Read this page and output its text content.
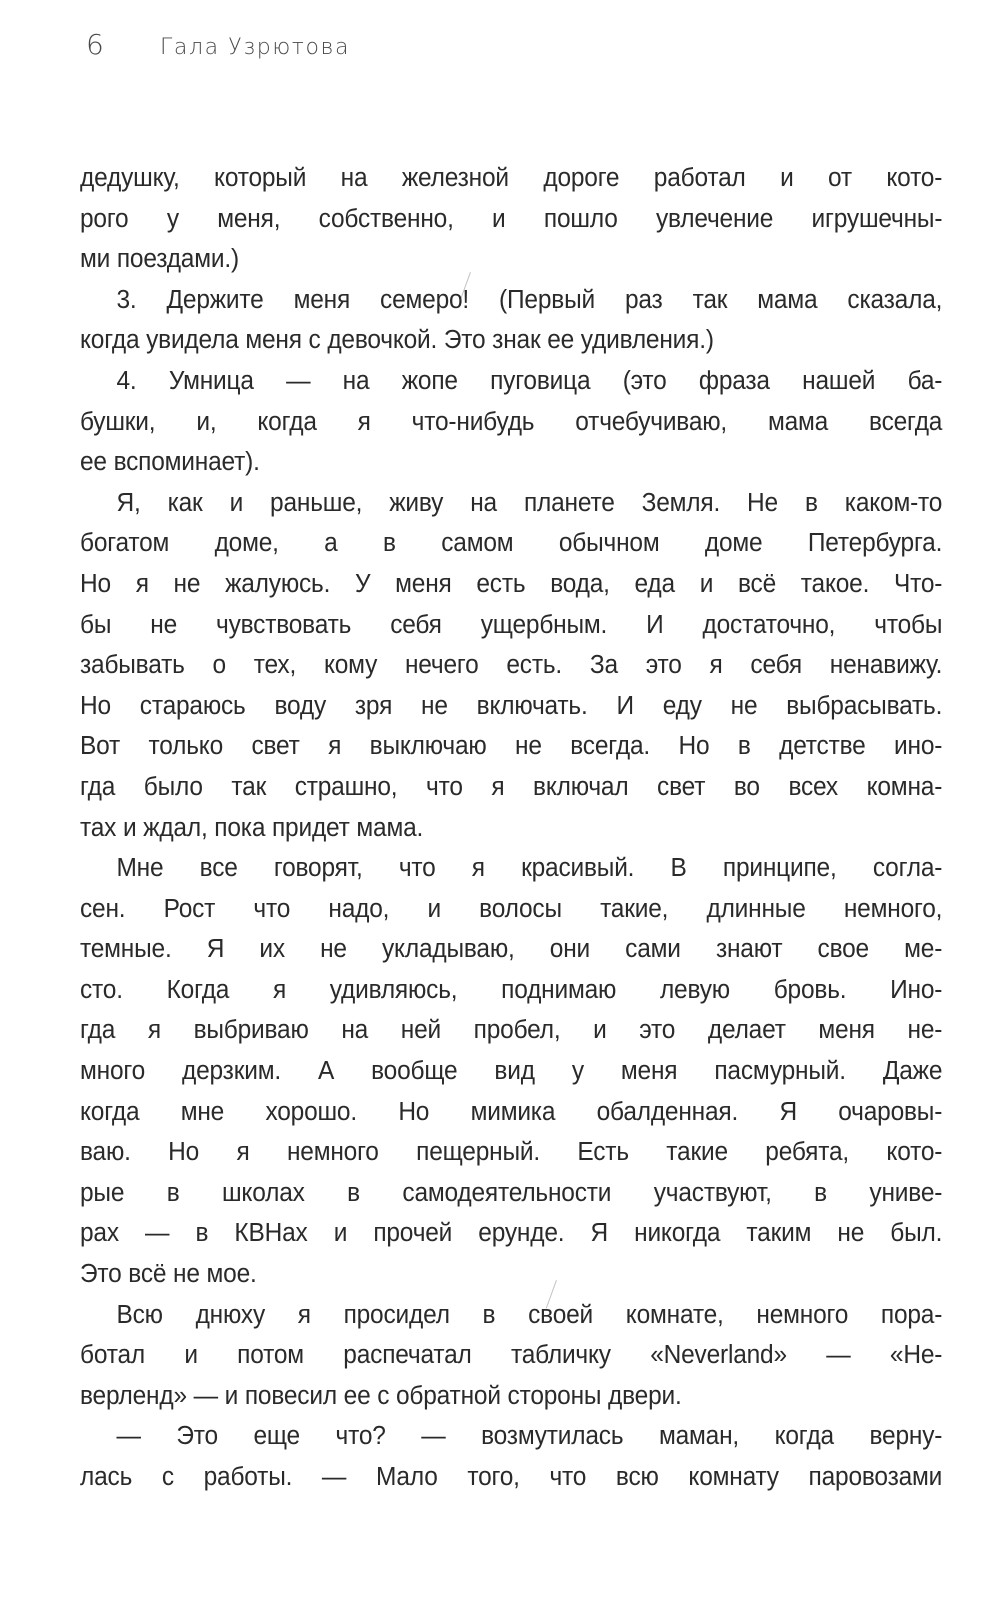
6	Гала Узрютова
дедушку, который на железной дороге работал и от кото-
рого у меня, собственно, и пошло увлечение игрушечны-
ми поездами.)
3. Держите меня семеро! (Первый раз так мама сказала,
когда увидела меня с девочкой. Это знак ее удивления.)
4. Умница — на жопе пуговица (это фраза нашей ба-
бушки, и, когда я что-нибудь отчебучиваю, мама всегда
ее вспоминает).
Я, как и раньше, живу на планете Земля. Не в каком-то
богатом доме, а в самом обычном доме Петербурга.
Но я не жалуюсь. У меня есть вода, еда и всё такое. Что-
бы не чувствовать себя ущербным. И достаточно, чтобы
забывать о тех, кому нечего есть. За это я себя ненавижу.
Но стараюсь воду зря не включать. И еду не выбрасывать.
Вот только свет я выключаю не всегда. Но в детстве ино-
гда было так страшно, что я включал свет во всех комна-
тах и ждал, пока придет мама.
Мне все говорят, что я красивый. В принципе, согла-
сен. Рост что надо, и волосы такие, длинные немного,
темные. Я их не укладываю, они сами знают свое ме-
сто. Когда я удивляюсь, поднимаю левую бровь. Ино-
гда я выбриваю на ней пробел, и это делает меня не-
много дерзким. А вообще вид у меня пасмурный. Даже
когда мне хорошо. Но мимика обалденная. Я очаровы-
ваю. Но я немного пещерный. Есть такие ребята, кото-
рые в школах в самодеятельности участвуют, в униве-
рах — в КВНах и прочей ерунде. Я никогда таким не был.
Это всё не мое.
Всю днюху я просидел в своей комнате, немного пора-
ботал и потом распечатал табличку «Neverland» — «Не-
верленд» — и повесил ее с обратной стороны двери.
— Это еще что? — возмутилась маман, когда верну-
лась с работы. — Мало того, что всю комнату паровозами
